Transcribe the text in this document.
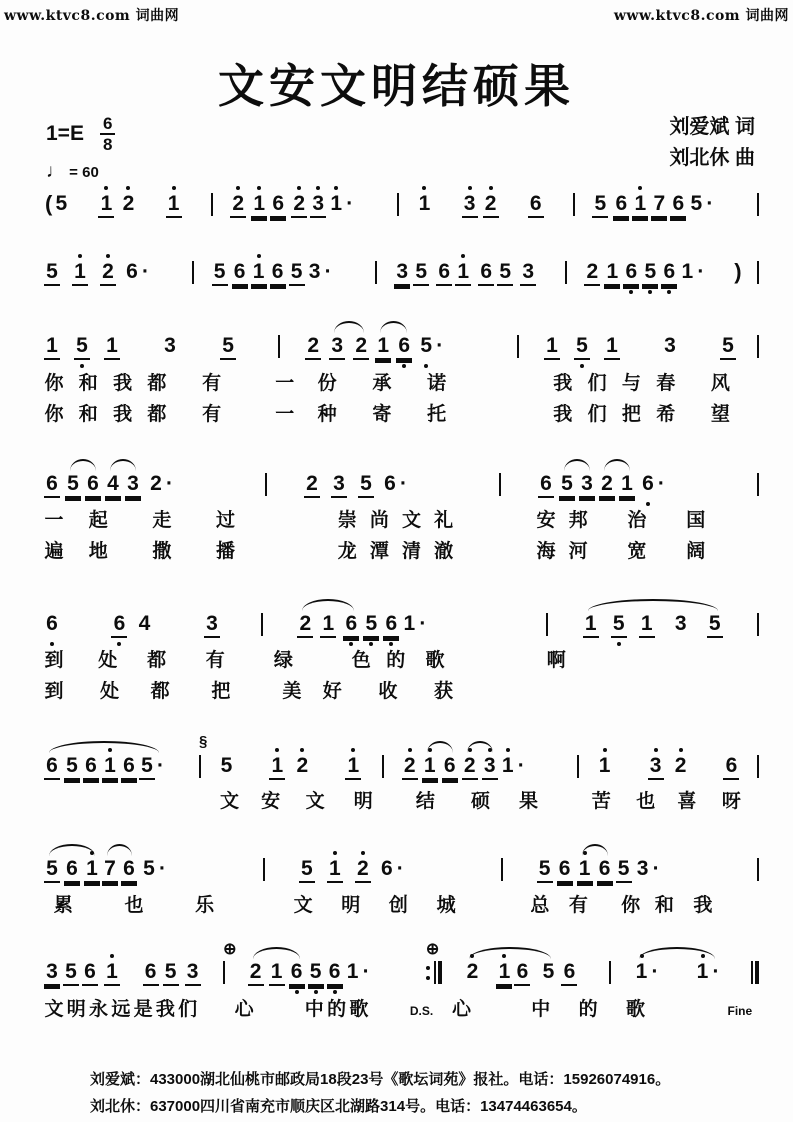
www.ktvc8.com 词曲网	www.ktvc8.com 词曲网
文安文明结硕果
刘爱斌 词
刘北休 曲
$1=E \frac{6}{8}$
♩ = 60
( 5 1 2 1	2 1 6 2 3 1 ·	1 3 2 6	5 6 1 7 6 5 ·
5 1 2 6 ·	5 6 1 6 5 3 ·	3 5 6 1 6 5 3 2 1 6 5 6 1 · )
1 5 1 3 5	2 3 2 1 6 5 ·	1 5 1 3 5
你 和 我 都 有	一 份 承 诺	我 们 与 春 风
你 和 我 都 有	一 种 寄 托	我 们 把 希 望
6 5 6 4 3 2 ·	2 3 5 6 ·	6 5 3 2 1 6 ·
一 起 走 过	崇 尚 文 礼	安 邦 治 国
遍 地 撒 播	龙 潭 清 澈	海 河 宽 阔
6	6 4	3	2 1 6 5 6 1 ·	1 5 1 3 5
到 处 都 有	绿	色 的 歌	啊
到 处 都 把	美 好 收 获
6 5 6 1 6 5 ·
§
5 1 2 1 2 1 6 2 3 1 ·	1 3 2 6
文 安 文 明 结 硕 果	苦 也 喜 呀
5 6 1 7 6 5 ·	5 1 2 6 ·	5 6 1 6 5 3 ·
累	也	乐	文 明 创 城	总 有 你 和 我
3 5 6 1 6 5 3
⊕
2 1 6 5 6 1 ·
⊕
2 1 6 5 6	1 · 1 ·
文 明 永 远 是 我 们 心	中 的 歌	D.S. 心	中 的 歌	Fine
刘爱斌：433000湖北仙桃市邮政局18段23号《歌坛词苑》报社。电话：15926074916。
刘北休：637000四川省南充市顺庆区北湖路314号。电话：13474463654。
